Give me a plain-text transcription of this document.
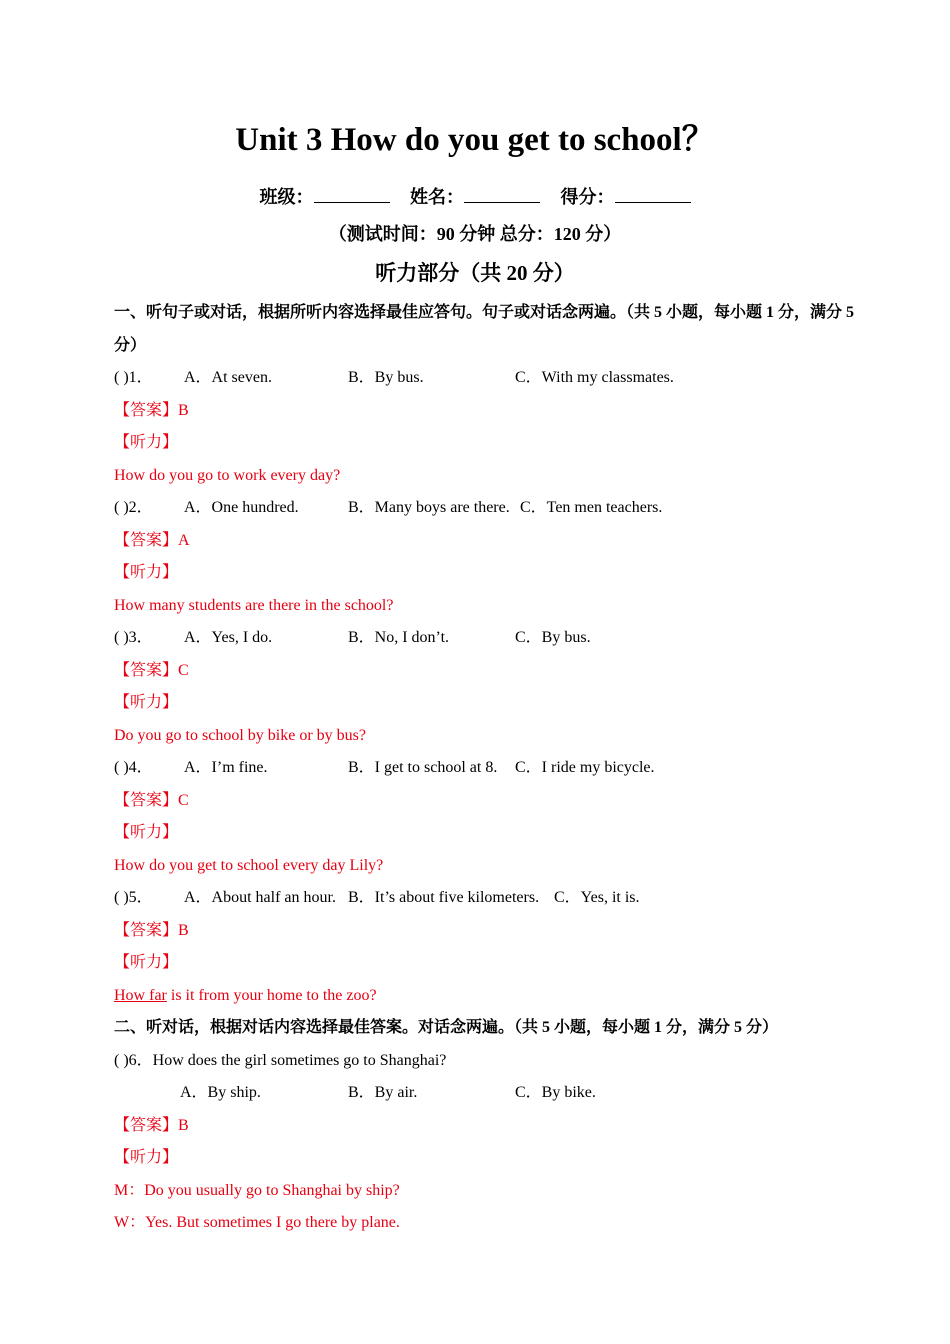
Unit 3 How do you get to school？
班级：	姓名：	得分：
（测试时间：90 分钟 总分：120 分）
听力部分（共 20 分）
一、听句子或对话，根据所听内容选择最佳应答句。句子或对话念两遍。（共 5 小题，每小题 1 分，满分 5 分）
( )1． A．At seven.	B．By bus.	C．With my classmates.
【答案】B
【听力】
How do you go to work every day?
( )2． A．One hundred.	B．Many boys are there. C．Ten men teachers.
【答案】A
【听力】
How many students are there in the school?
( )3． A．Yes, I do.	B．No, I don’t.	C．By bus.
【答案】C
【听力】
Do you go to school by bike or by bus?
( )4． A．I’m fine.	B．I get to school at 8. C．I ride my bicycle.
【答案】C
【听力】
How do you get to school every day Lily?
( )5． A．About half an hour. B．It’s about five kilometers. C．Yes, it is.
【答案】B
【听力】
How far is it from your home to the zoo?
二、听对话，根据对话内容选择最佳答案。对话念两遍。（共 5 小题，每小题 1 分，满分 5 分）
( )6．How does the girl sometimes go to Shanghai?
A．By ship.	B．By air.	C．By bike.
【答案】B
【听力】
M：Do you usually go to Shanghai by ship?
W：Yes. But sometimes I go there by plane.
